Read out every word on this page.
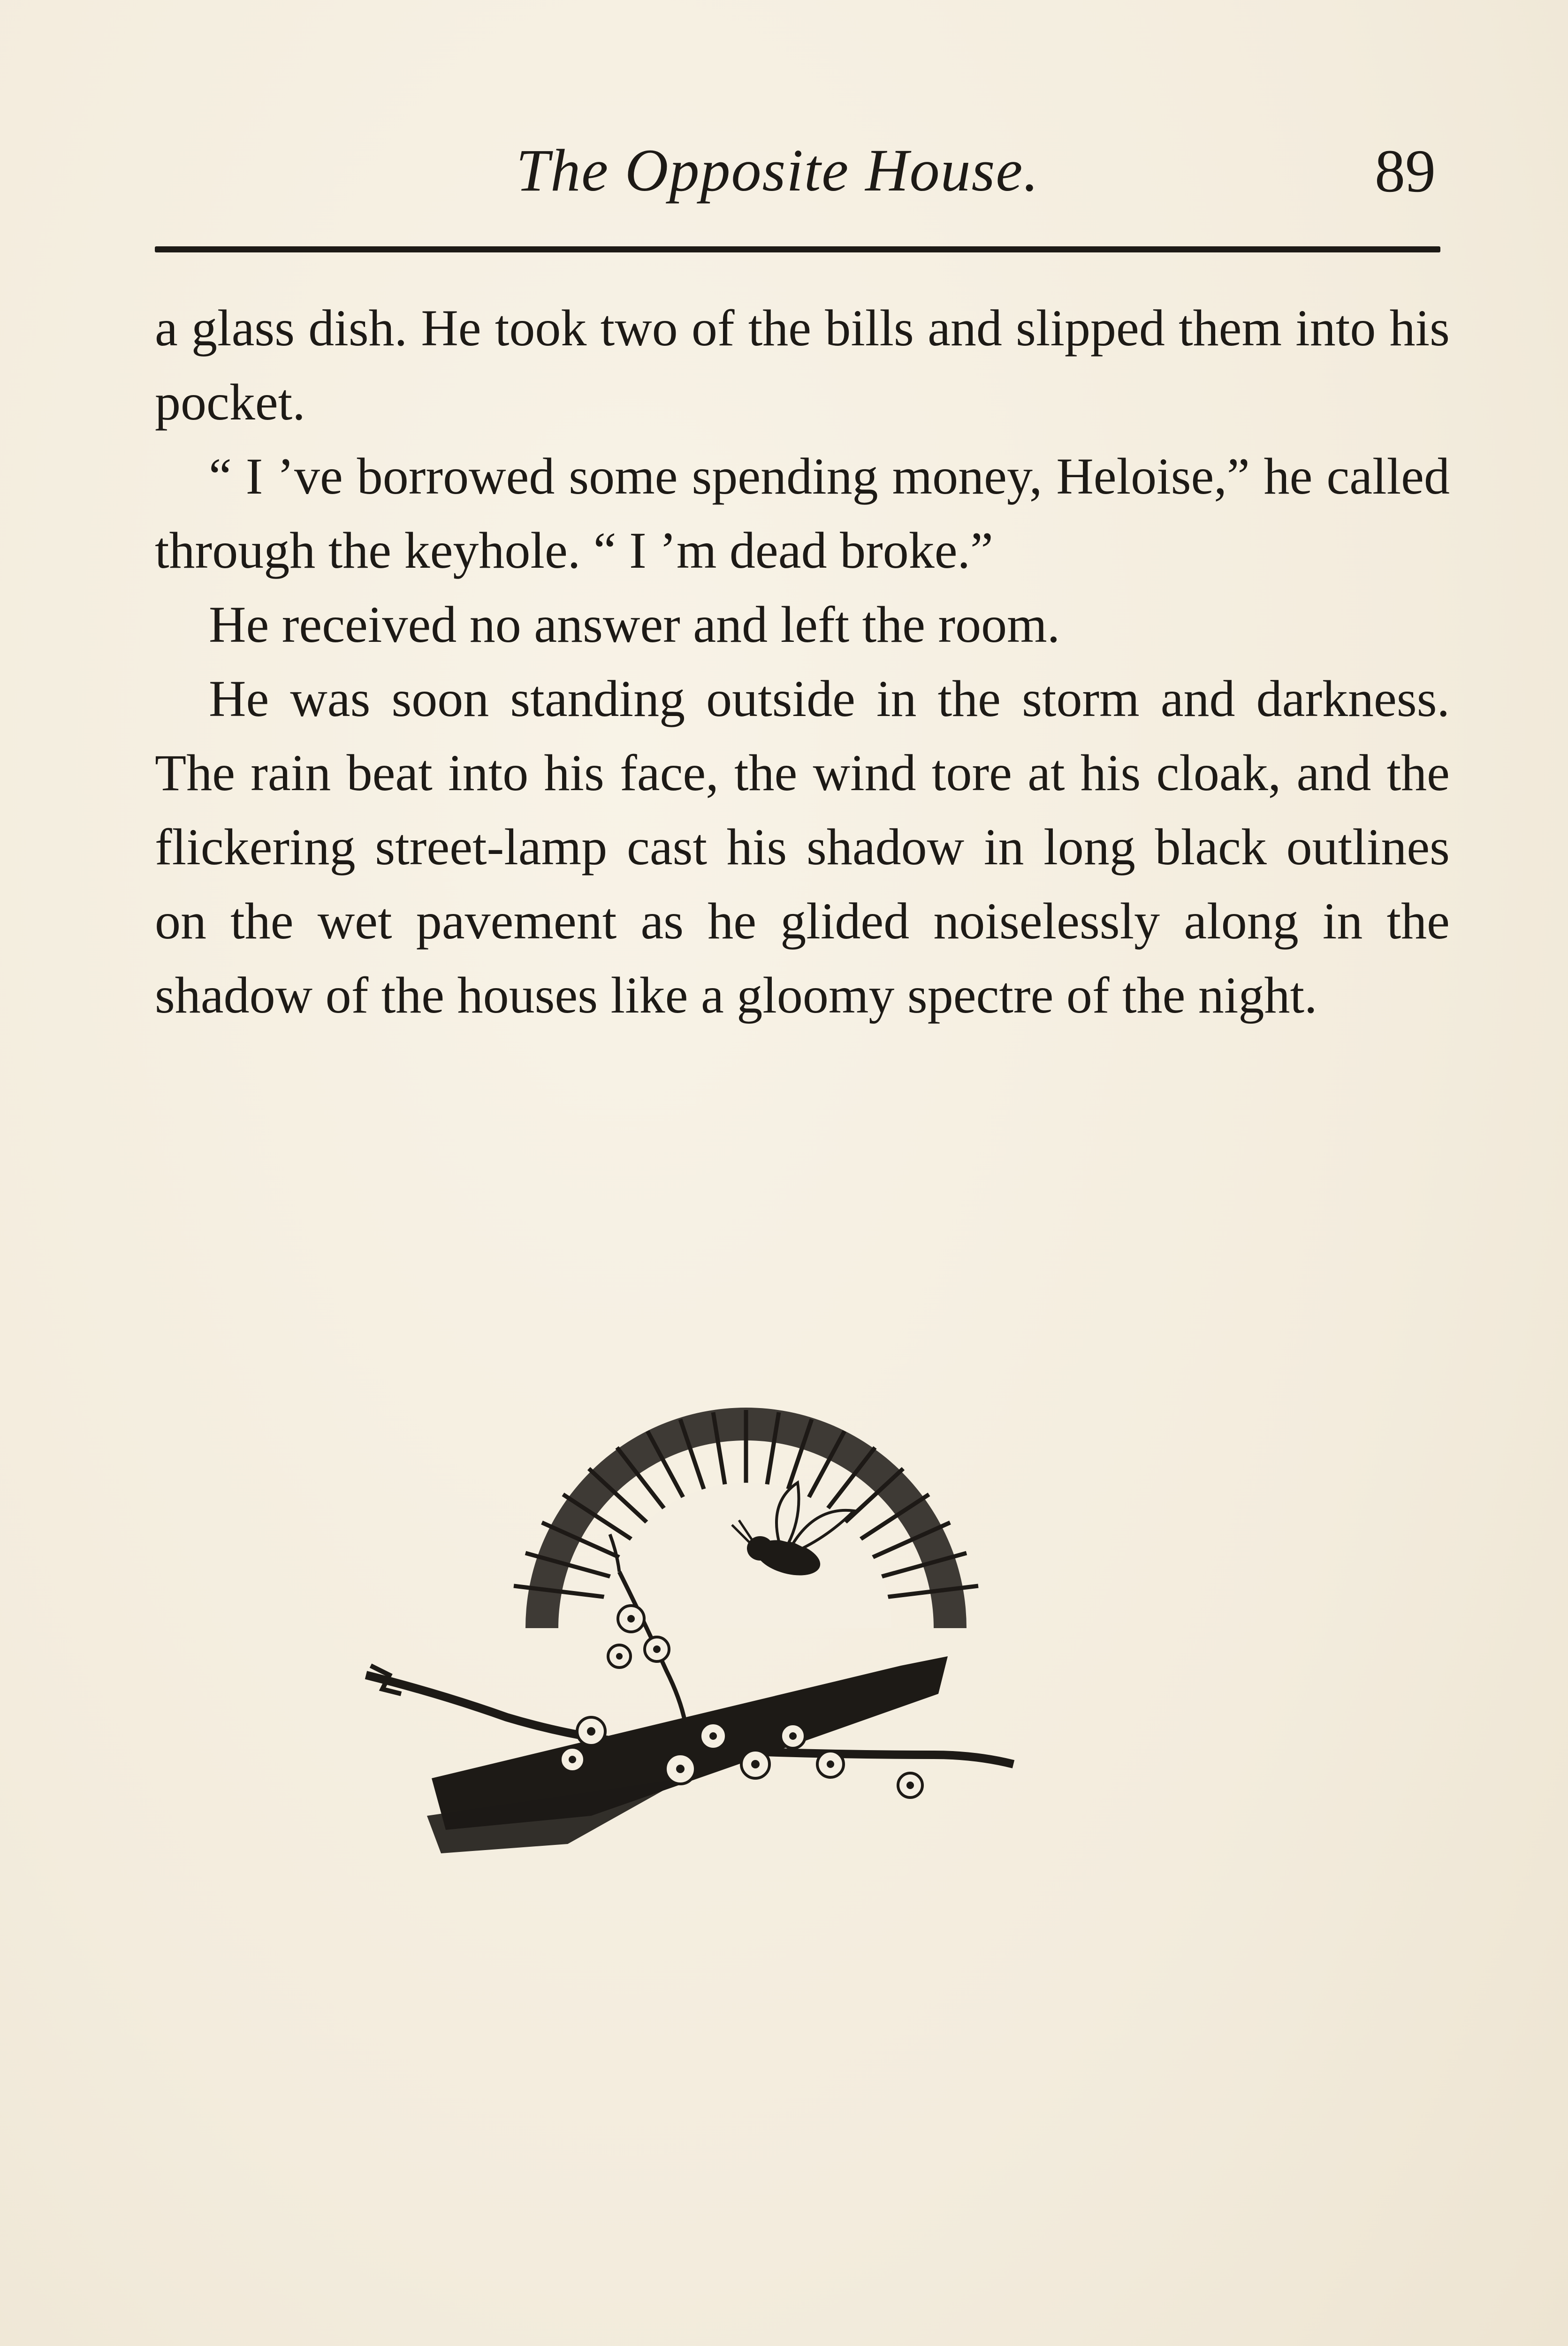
The Opposite House.	89

a glass dish. He took two of the bills and slipped them into his pocket.

“ I ’ve borrowed some spending money, Heloise,” he called through the keyhole. “ I ’m dead broke.”

He received no answer and left the room.

He was soon standing outside in the storm and darkness. The rain beat into his face, the wind tore at his cloak, and the flickering street-lamp cast his shadow in long black outlines on the wet pavement as he glided noiselessly along in the shadow of the houses like a gloomy spectre of the night.
